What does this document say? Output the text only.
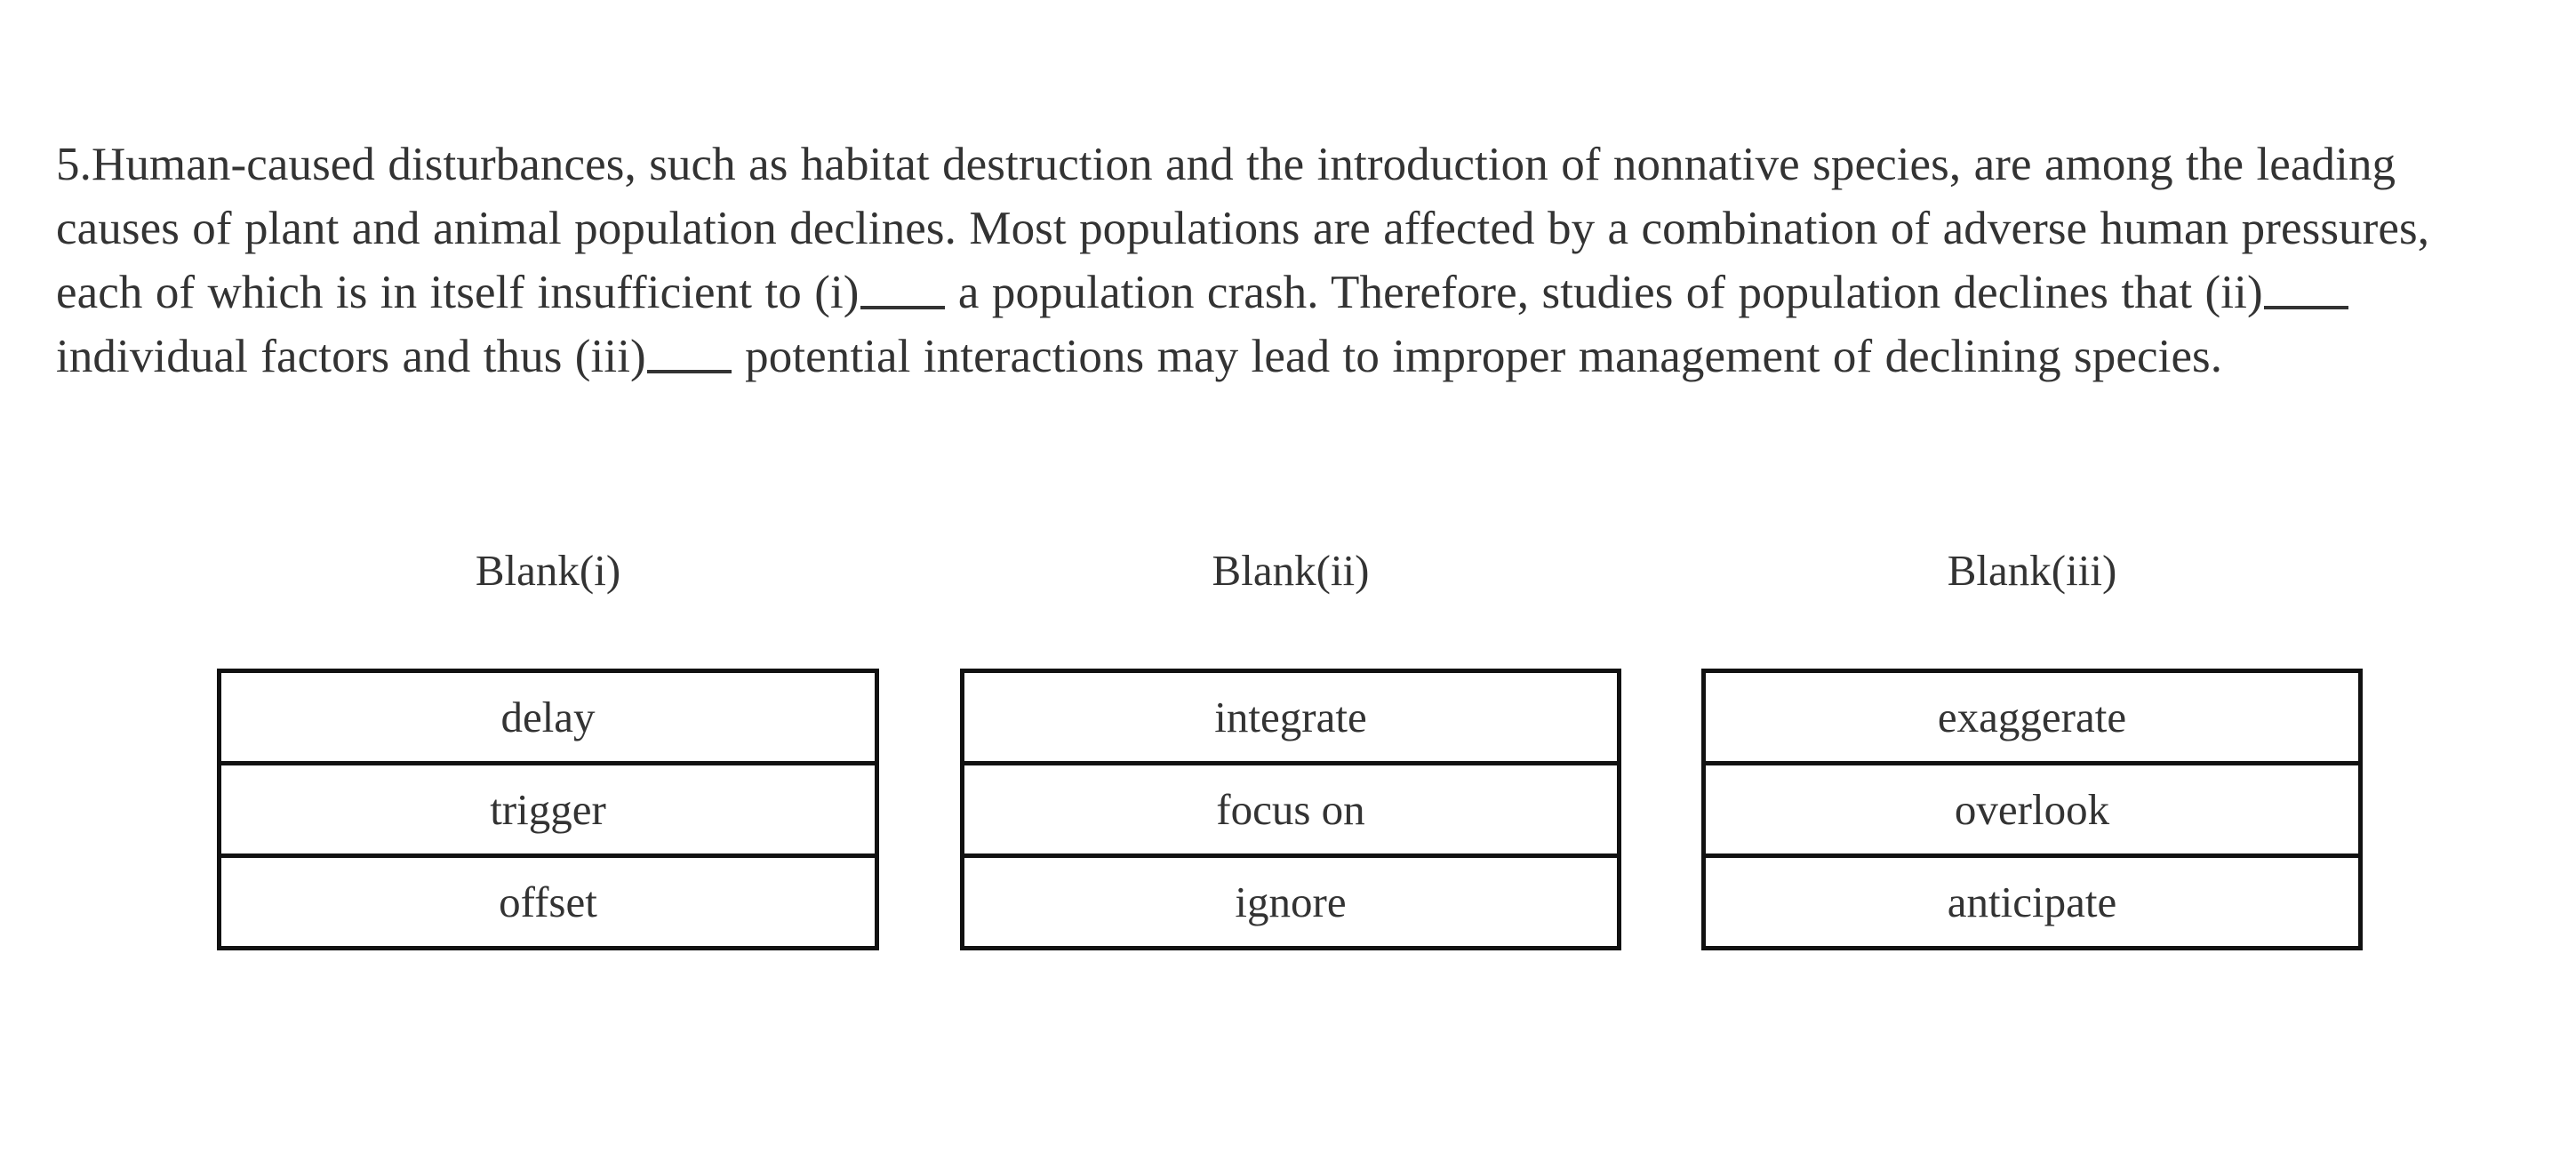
5.Human-caused disturbances, such as habitat destruction and the introduction of nonnative species, are among the leading causes of plant and animal population declines. Most populations are affected by a combination of adverse human pressures, each of which is in itself insufficient to (i) a population crash. Therefore, studies of population declines that (ii) individual factors and thus (iii) potential interactions may lead to improper management of declining species.

Blank(i)
delay
trigger
offset
Blank(ii)
integrate
focus on
ignore
Blank(iii)
exaggerate
overlook
anticipate
